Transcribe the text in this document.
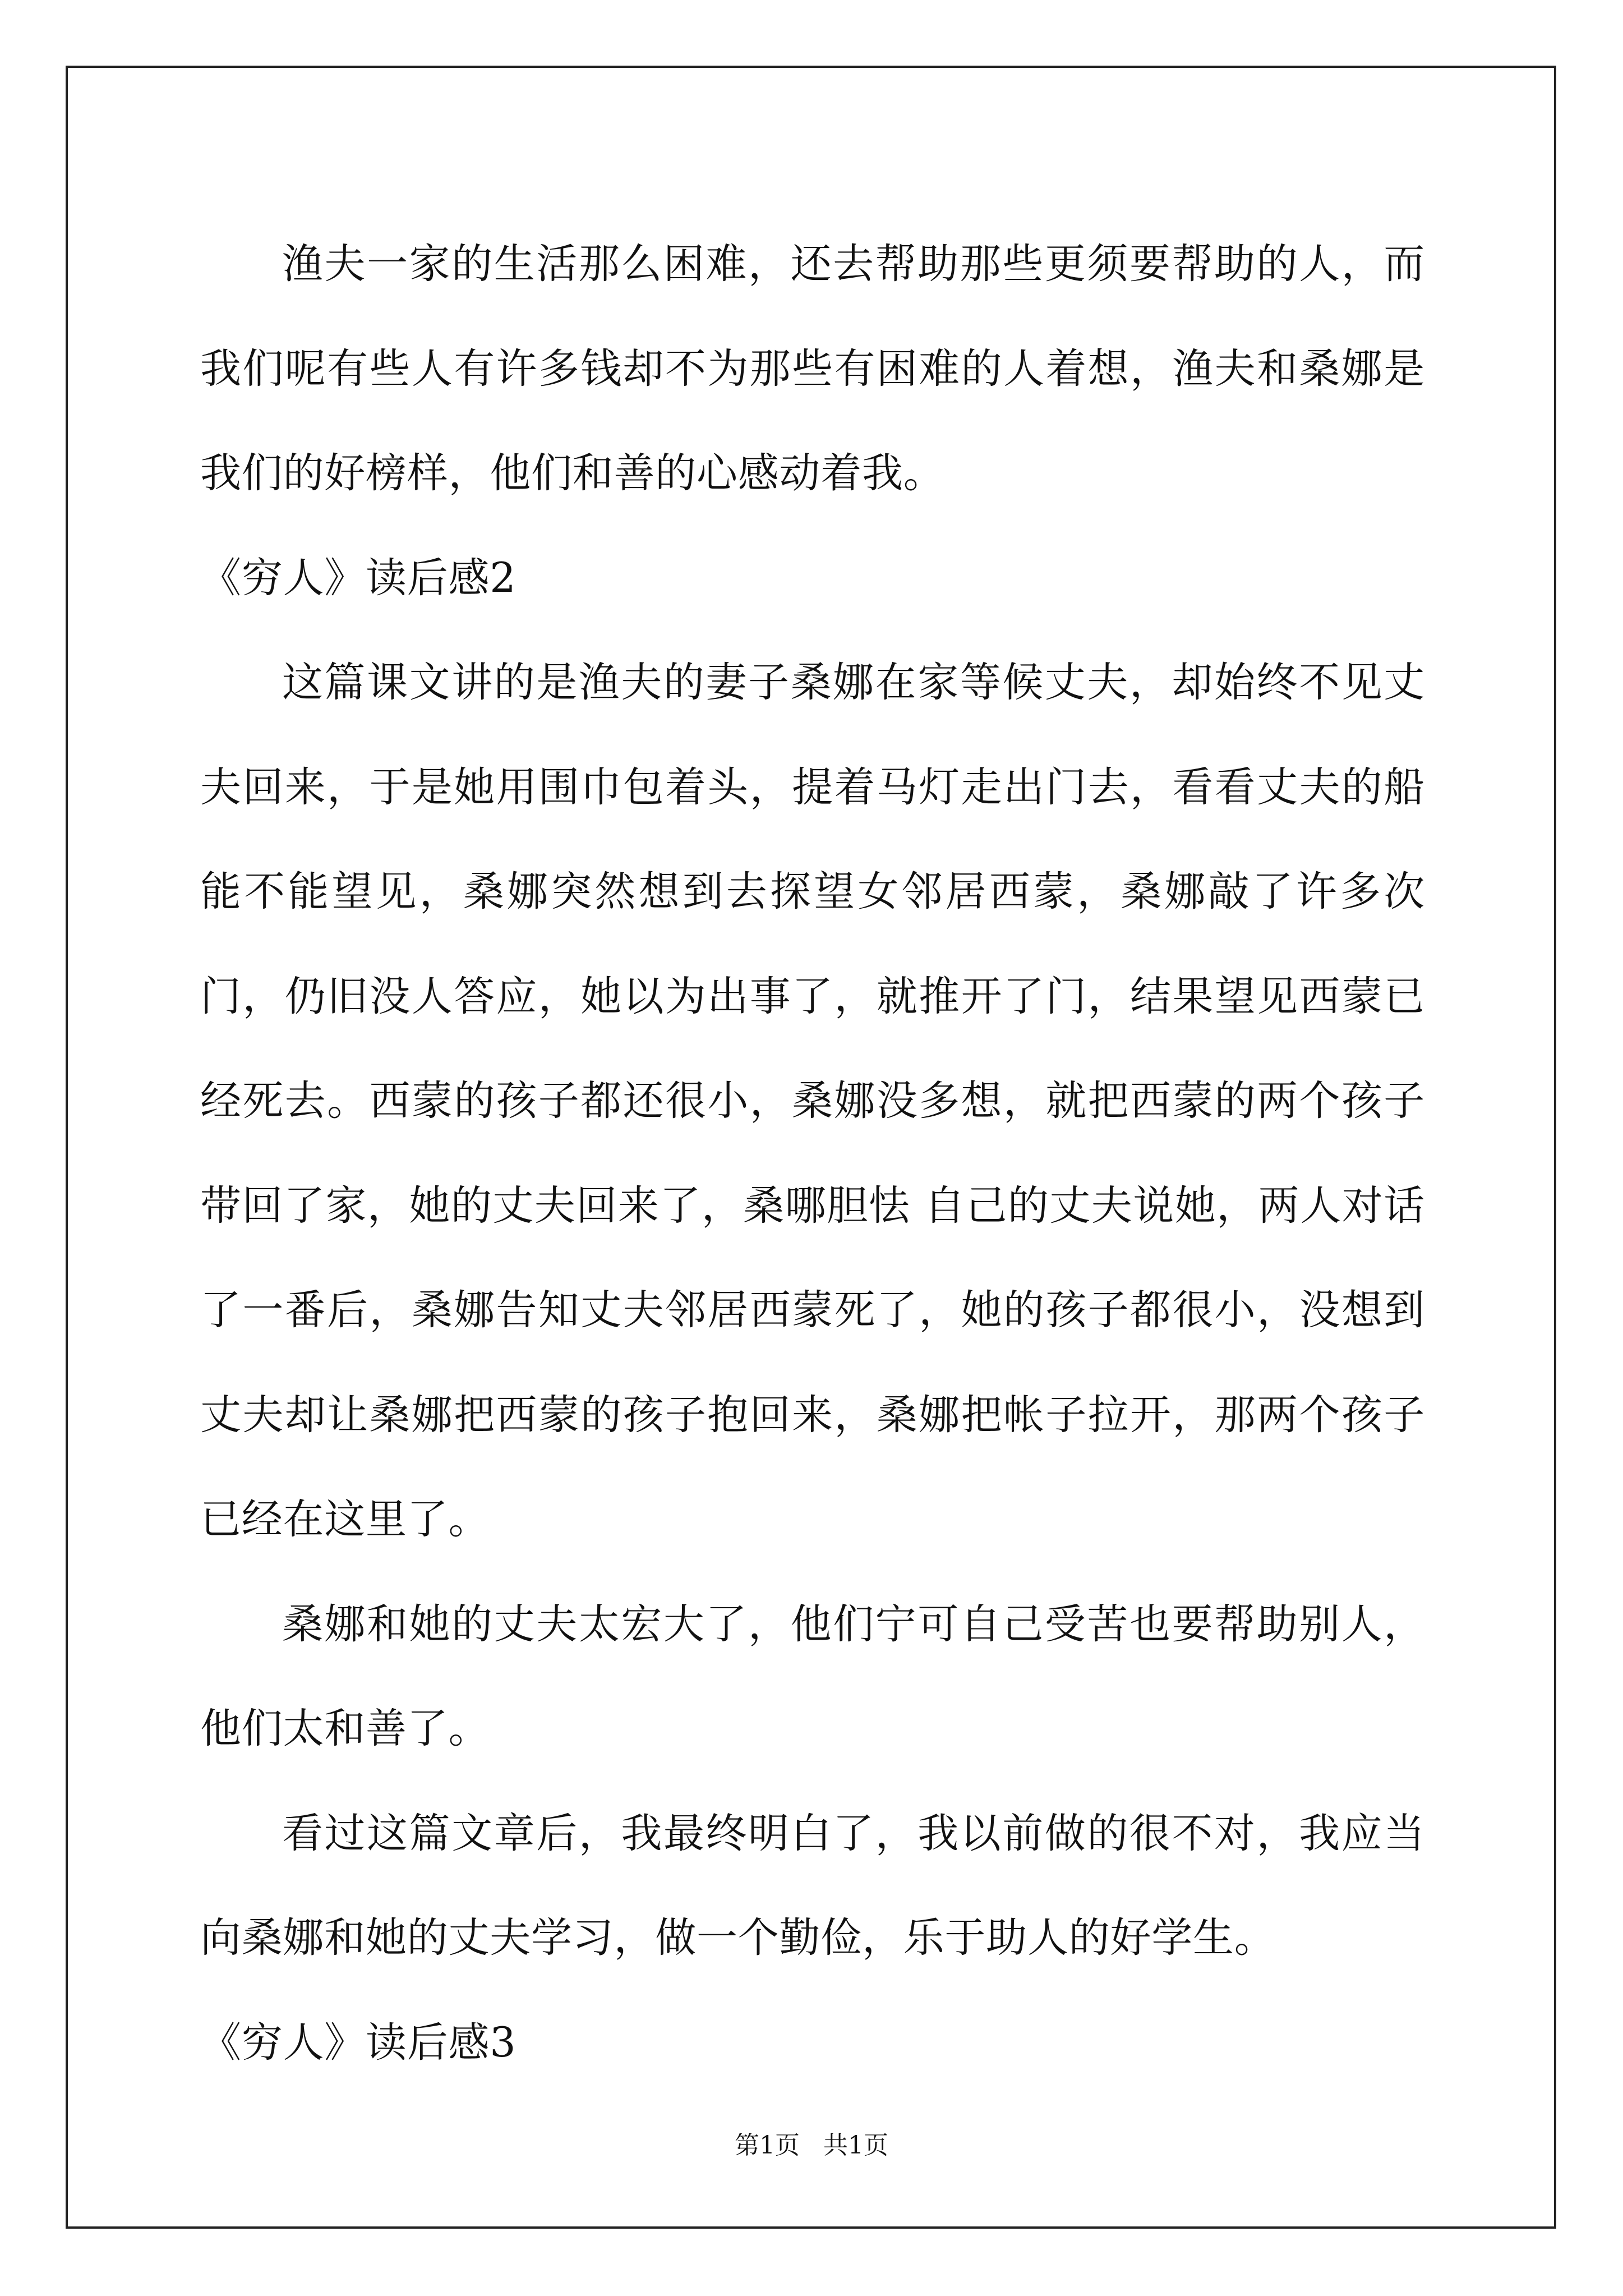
渔夫一家的生活那么困难，还去帮助那些更须要帮助的人，而我们呢有些人有许多钱却不为那些有困难的人着想，渔夫和桑娜是我们的好榜样，他们和善的心感动着我。

《穷人》读后感2

这篇课文讲的是渔夫的妻子桑娜在家等候丈夫，却始终不见丈夫回来，于是她用围巾包着头，提着马灯走出门去，看看丈夫的船能不能望见，桑娜突然想到去探望女邻居西蒙，桑娜敲了许多次门，仍旧没人答应，她以为出事了，就推开了门，结果望见西蒙已经死去。西蒙的孩子都还很小，桑娜没多想，就把西蒙的两个孩子带回了家，她的丈夫回来了，桑哪胆怯 自己的丈夫说她，两人对话了一番后，桑娜告知丈夫邻居西蒙死了，她的孩子都很小，没想到丈夫却让桑娜把西蒙的孩子抱回来，桑娜把帐子拉开，那两个孩子已经在这里了。

桑娜和她的丈夫太宏大了，他们宁可自己受苦也要帮助别人，他们太和善了。

看过这篇文章后，我最终明白了，我以前做的很不对，我应当向桑娜和她的丈夫学习，做一个勤俭，乐于助人的好学生。

《穷人》读后感3

第1页 共1页
